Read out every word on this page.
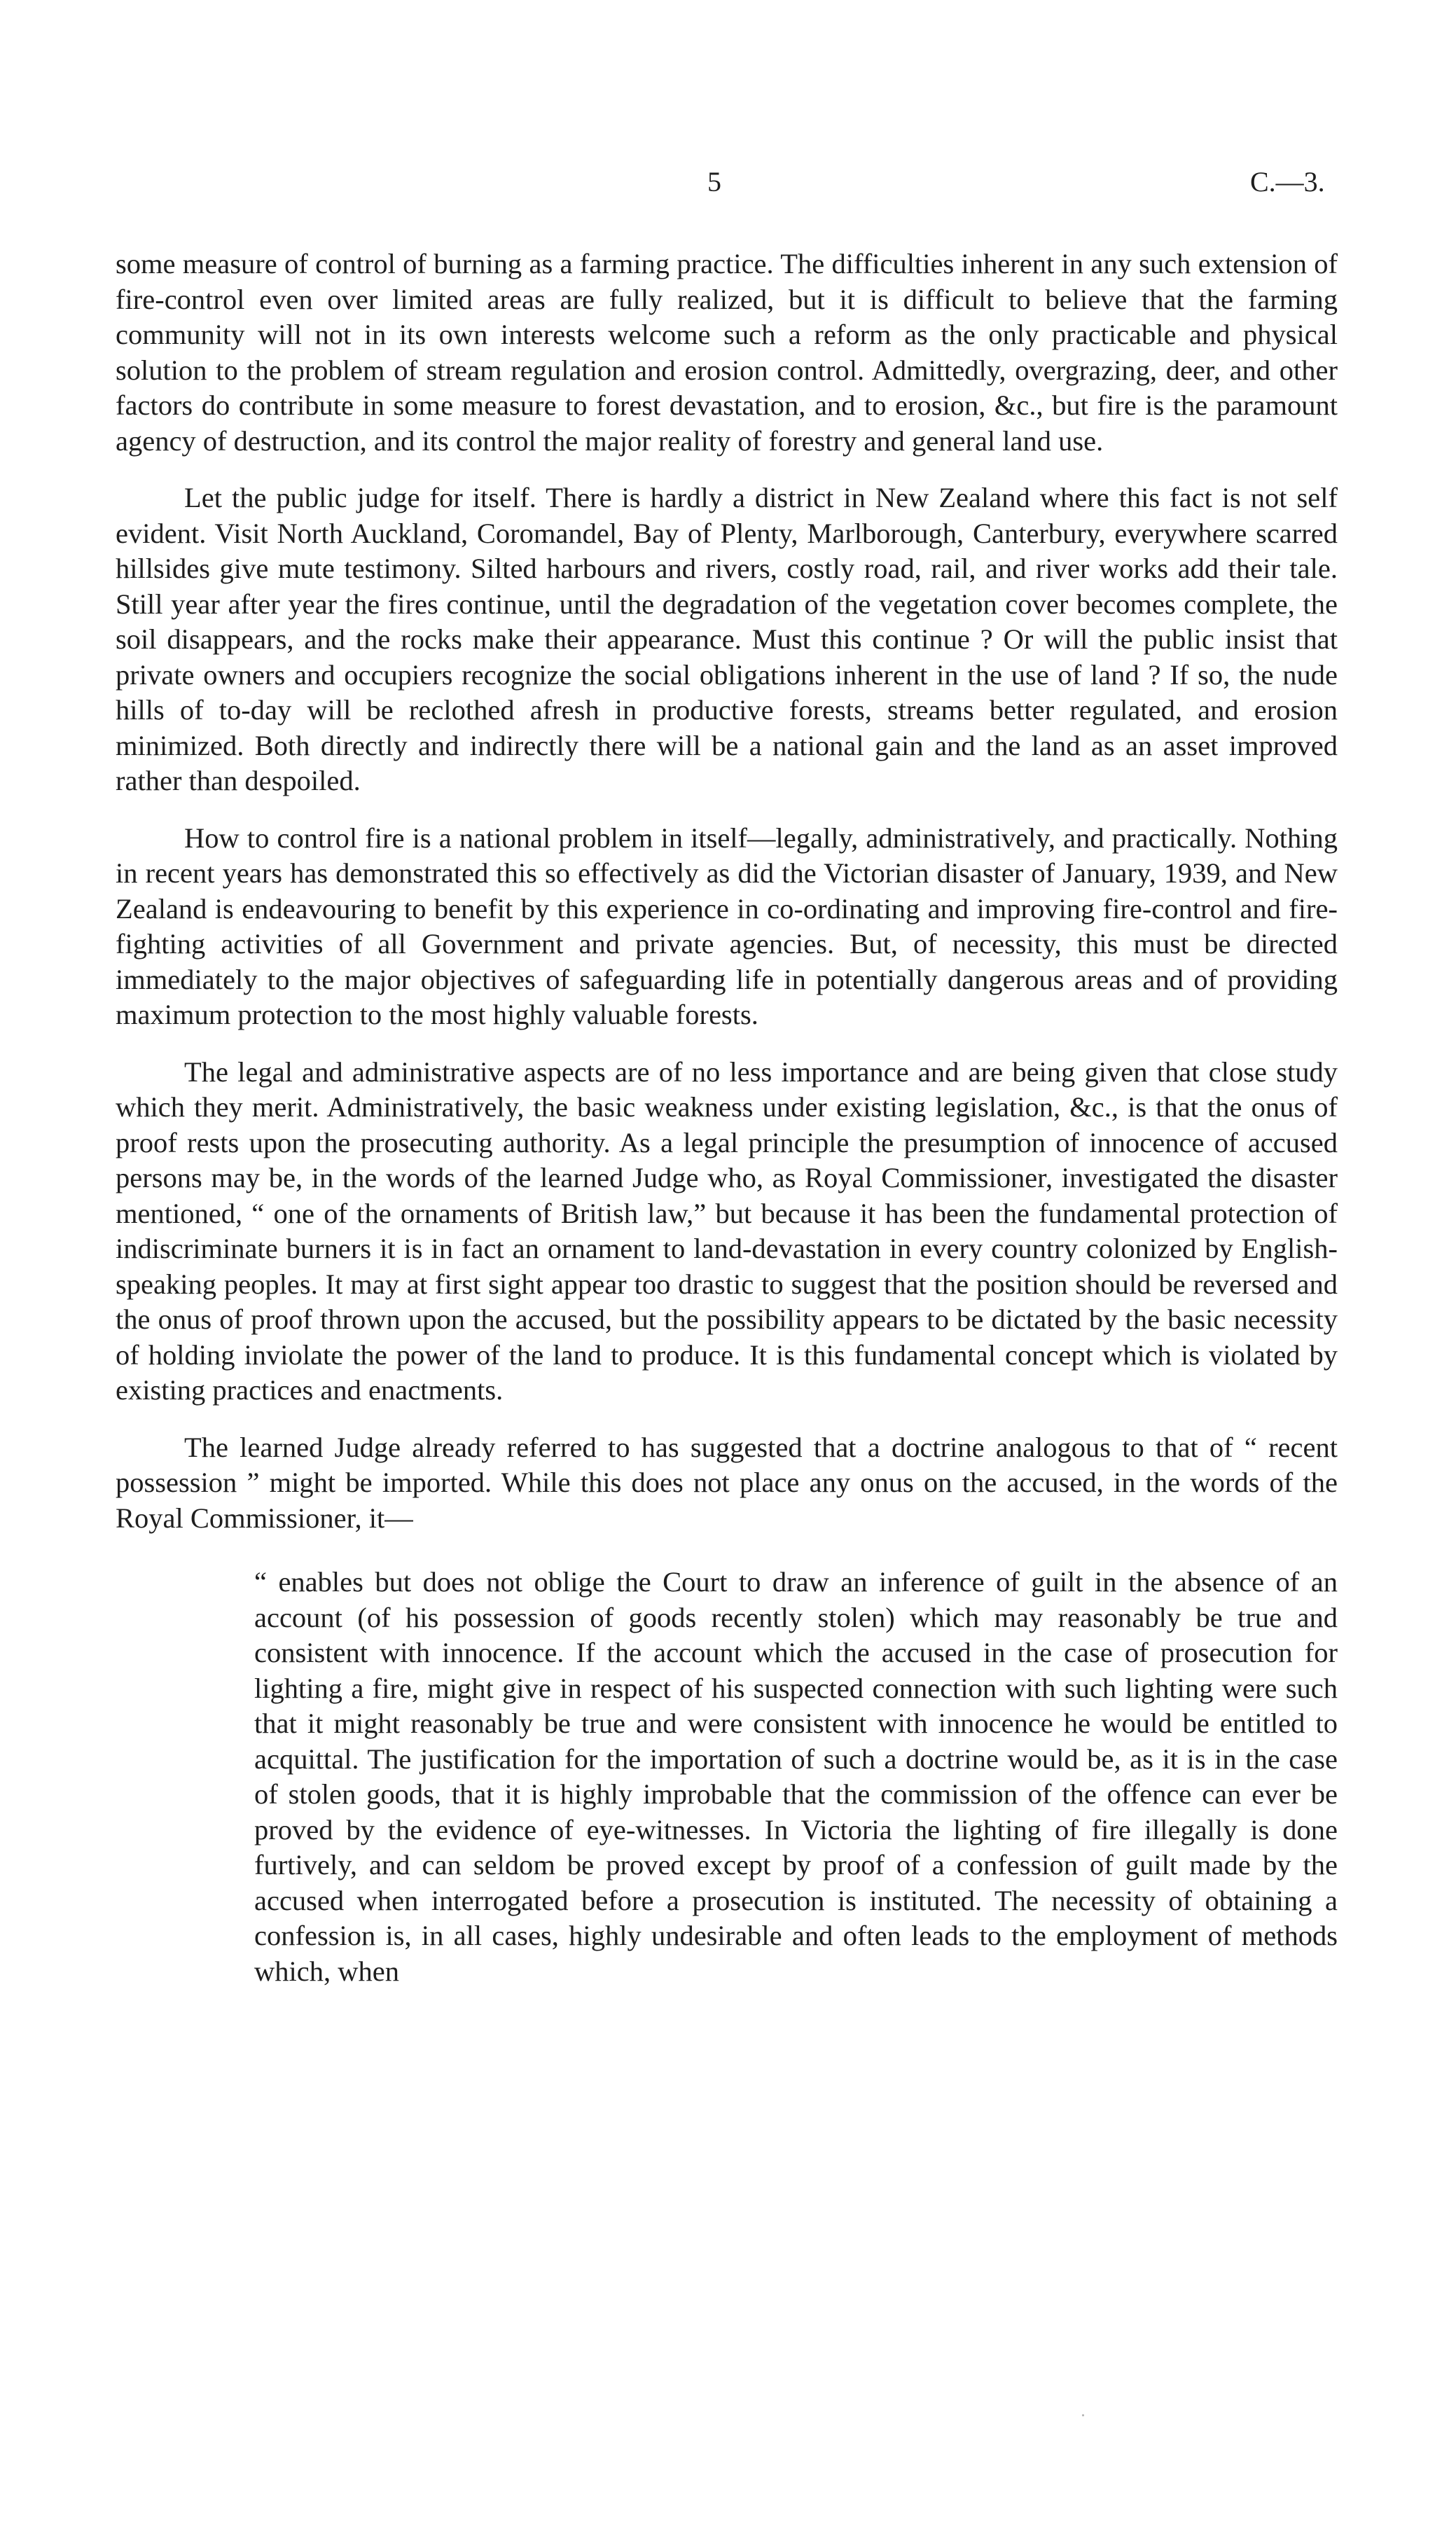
5	C.—3.

some measure of control of burning as a farming practice. The difficulties inherent in any such extension of fire-control even over limited areas are fully realized, but it is difficult to believe that the farming community will not in its own interests welcome such a reform as the only practicable and physical solution to the problem of stream regulation and erosion control. Admittedly, overgrazing, deer, and other factors do contribute in some measure to forest devastation, and to erosion, &c., but fire is the paramount agency of destruction, and its control the major reality of forestry and general land use.

Let the public judge for itself. There is hardly a district in New Zealand where this fact is not self evident. Visit North Auckland, Coromandel, Bay of Plenty, Marlborough, Canterbury, everywhere scarred hillsides give mute testimony. Silted harbours and rivers, costly road, rail, and river works add their tale. Still year after year the fires continue, until the degradation of the vegetation cover becomes complete, the soil disappears, and the rocks make their appearance. Must this continue ? Or will the public insist that private owners and occupiers recognize the social obligations inherent in the use of land ? If so, the nude hills of to-day will be reclothed afresh in productive forests, streams better regulated, and erosion minimized. Both directly and indirectly there will be a national gain and the land as an asset improved rather than despoiled.

How to control fire is a national problem in itself—legally, administratively, and practically. Nothing in recent years has demonstrated this so effectively as did the Victorian disaster of January, 1939, and New Zealand is endeavouring to benefit by this experience in co-ordinating and improving fire-control and fire-fighting activities of all Government and private agencies. But, of necessity, this must be directed immediately to the major objectives of safeguarding life in potentially dangerous areas and of providing maximum protection to the most highly valuable forests.

The legal and administrative aspects are of no less importance and are being given that close study which they merit. Administratively, the basic weakness under existing legislation, &c., is that the onus of proof rests upon the prosecuting authority. As a legal principle the presumption of innocence of accused persons may be, in the words of the learned Judge who, as Royal Commissioner, investigated the disaster mentioned, “ one of the ornaments of British law,” but because it has been the fundamental protection of indiscriminate burners it is in fact an ornament to land-devastation in every country colonized by English-speaking peoples. It may at first sight appear too drastic to suggest that the position should be reversed and the onus of proof thrown upon the accused, but the possibility appears to be dictated by the basic necessity of holding inviolate the power of the land to produce. It is this fundamental concept which is violated by existing practices and enactments.

The learned Judge already referred to has suggested that a doctrine analogous to that of “ recent possession ” might be imported. While this does not place any onus on the accused, in the words of the Royal Commissioner, it—

“ enables but does not oblige the Court to draw an inference of guilt in the absence of an account (of his possession of goods recently stolen) which may reasonably be true and consistent with innocence. If the account which the accused in the case of prosecution for lighting a fire, might give in respect of his suspected connection with such lighting were such that it might reasonably be true and were consistent with innocence he would be entitled to acquittal. The justification for the importation of such a doctrine would be, as it is in the case of stolen goods, that it is highly improbable that the commission of the offence can ever be proved by the evidence of eye-witnesses. In Victoria the lighting of fire illegally is done furtively, and can seldom be proved except by proof of a confession of guilt made by the accused when interrogated before a prosecution is instituted. The necessity of obtaining a confession is, in all cases, highly undesirable and often leads to the employment of methods which, when
